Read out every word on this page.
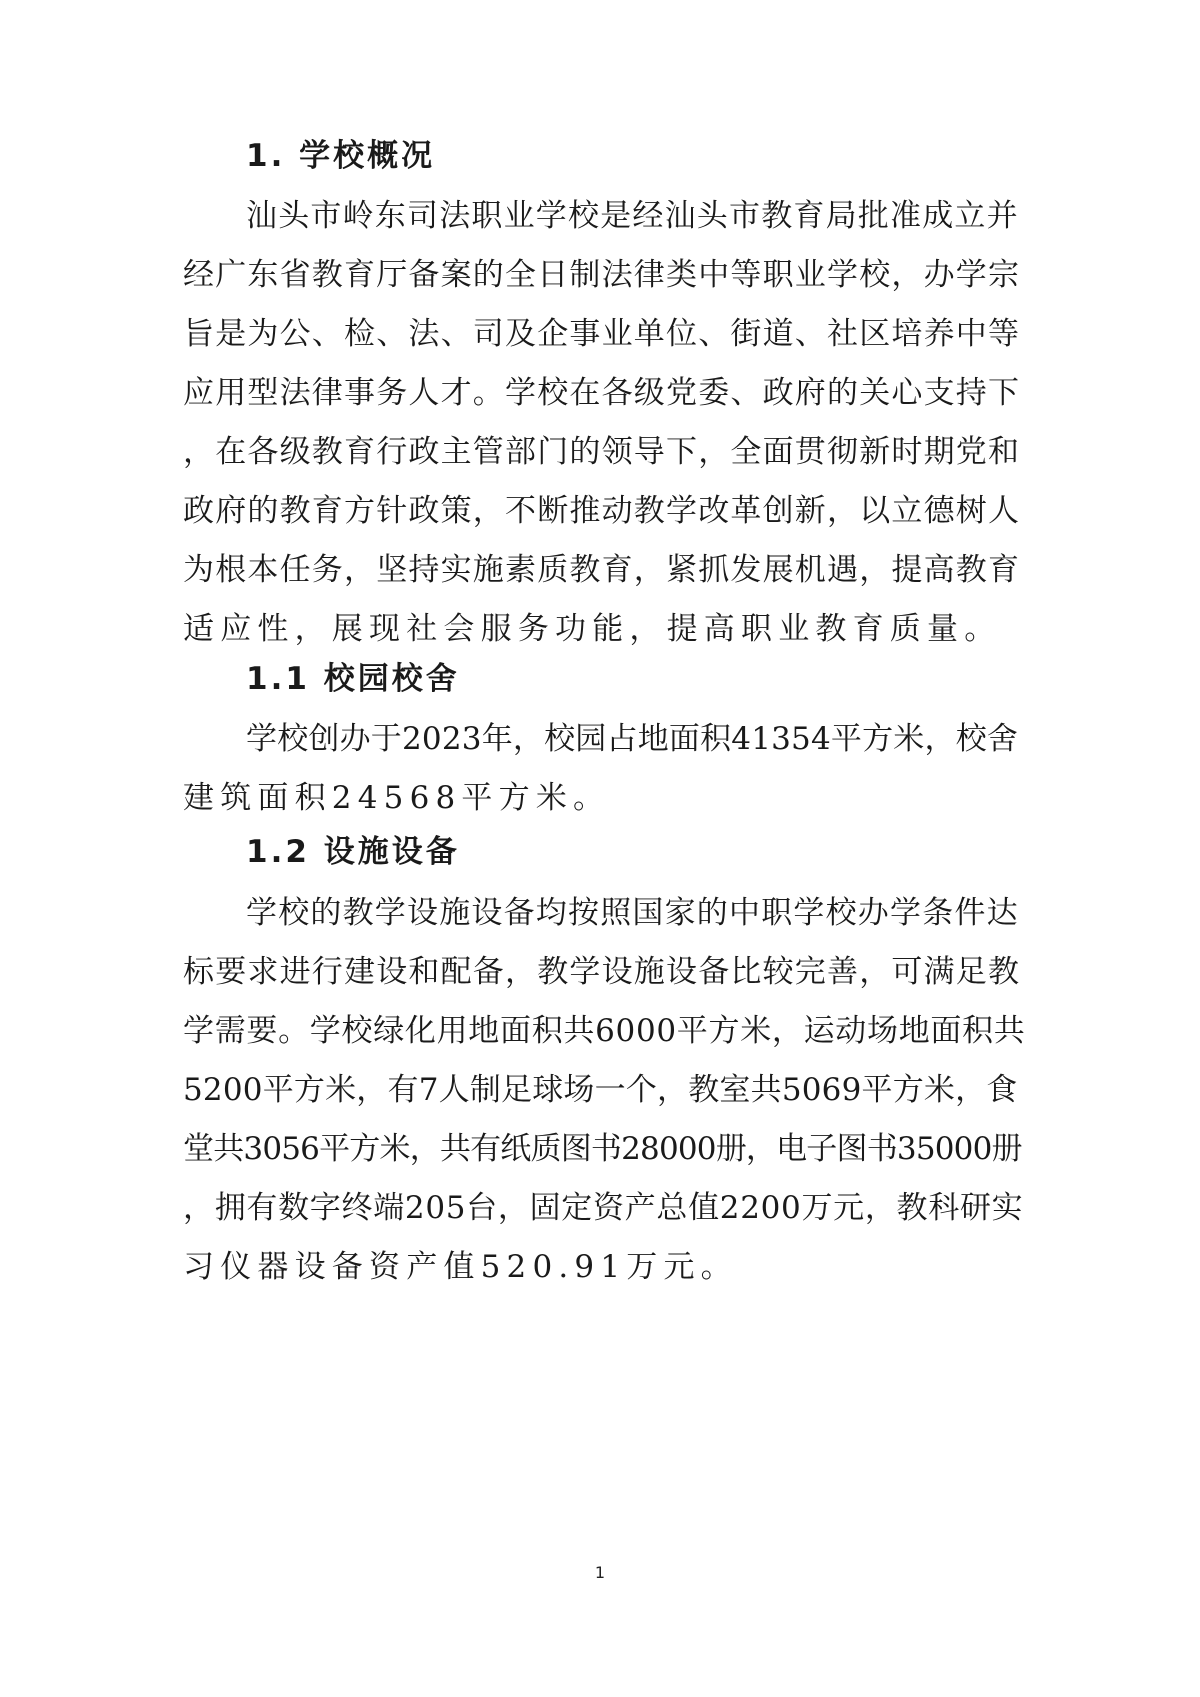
1. 学校概况
汕头市岭东司法职业学校是经汕头市教育局批准成立并
经广东省教育厅备案的全日制法律类中等职业学校，办学宗
旨是为公、检、法、司及企事业单位、街道、社区培养中等
应用型法律事务人才。学校在各级党委、政府的关心支持下
，在各级教育行政主管部门的领导下，全面贯彻新时期党和
政府的教育方针政策，不断推动教学改革创新，以立德树人
为根本任务，坚持实施素质教育，紧抓发展机遇，提高教育
适应性，展现社会服务功能，提高职业教育质量。
1.1 校园校舍
学校创办于2023年，校园占地面积41354平方米，校舍
建筑面积24568平方米。
1.2 设施设备
学校的教学设施设备均按照国家的中职学校办学条件达
标要求进行建设和配备，教学设施设备比较完善，可满足教
学需要。学校绿化用地面积共6000平方米，运动场地面积共
5200平方米，有7人制足球场一个，教室共5069平方米，食
堂共3056平方米，共有纸质图书28000册，电子图书35000册
，拥有数字终端205台，固定资产总值2200万元，教科研实
习仪器设备资产值520.91万元。
1
